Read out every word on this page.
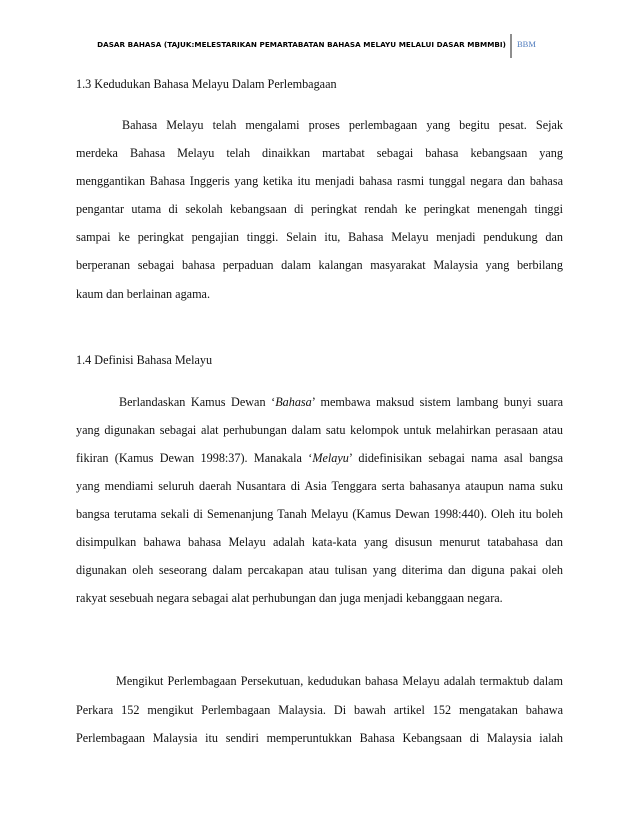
DASAR BAHASA (TAJUK:MELESTARIKAN PEMARTABATAN BAHASA MELAYU MELALUI DASAR MBMMBI) BBM
1.3 Kedudukan Bahasa Melayu Dalam Perlembagaan
Bahasa Melayu telah mengalami proses perlembagaan yang begitu pesat. Sejak
merdeka Bahasa Melayu telah dinaikkan martabat sebagai bahasa kebangsaan yang
menggantikan Bahasa Inggeris yang ketika itu menjadi bahasa rasmi tunggal negara dan bahasa
pengantar utama di sekolah kebangsaan di peringkat rendah ke peringkat menengah tinggi
sampai ke peringkat pengajian tinggi. Selain itu, Bahasa Melayu menjadi pendukung dan
berperanan sebagai bahasa perpaduan dalam kalangan masyarakat Malaysia yang berbilang
kaum dan berlainan agama.
1.4 Definisi Bahasa Melayu
Berlandaskan Kamus Dewan ‘Bahasa’ membawa maksud sistem lambang bunyi suara
yang digunakan sebagai alat perhubungan dalam satu kelompok untuk melahirkan perasaan atau
fikiran (Kamus Dewan 1998:37). Manakala ‘Melayu’ didefinisikan sebagai nama asal bangsa
yang mendiami seluruh daerah Nusantara di Asia Tenggara serta bahasanya ataupun nama suku
bangsa terutama sekali di Semenanjung Tanah Melayu (Kamus Dewan 1998:440). Oleh itu boleh
disimpulkan bahawa bahasa Melayu adalah kata-kata yang disusun menurut tatabahasa dan
digunakan oleh seseorang dalam percakapan atau tulisan yang diterima dan diguna pakai oleh
rakyat sesebuah negara sebagai alat perhubungan dan juga menjadi kebanggaan negara.
Mengikut Perlembagaan Persekutuan, kedudukan bahasa Melayu adalah termaktub dalam
Perkara 152 mengikut Perlembagaan Malaysia. Di bawah artikel 152 mengatakan bahawa
Perlembagaan Malaysia itu sendiri memperuntukkan Bahasa Kebangsaan di Malaysia ialah
